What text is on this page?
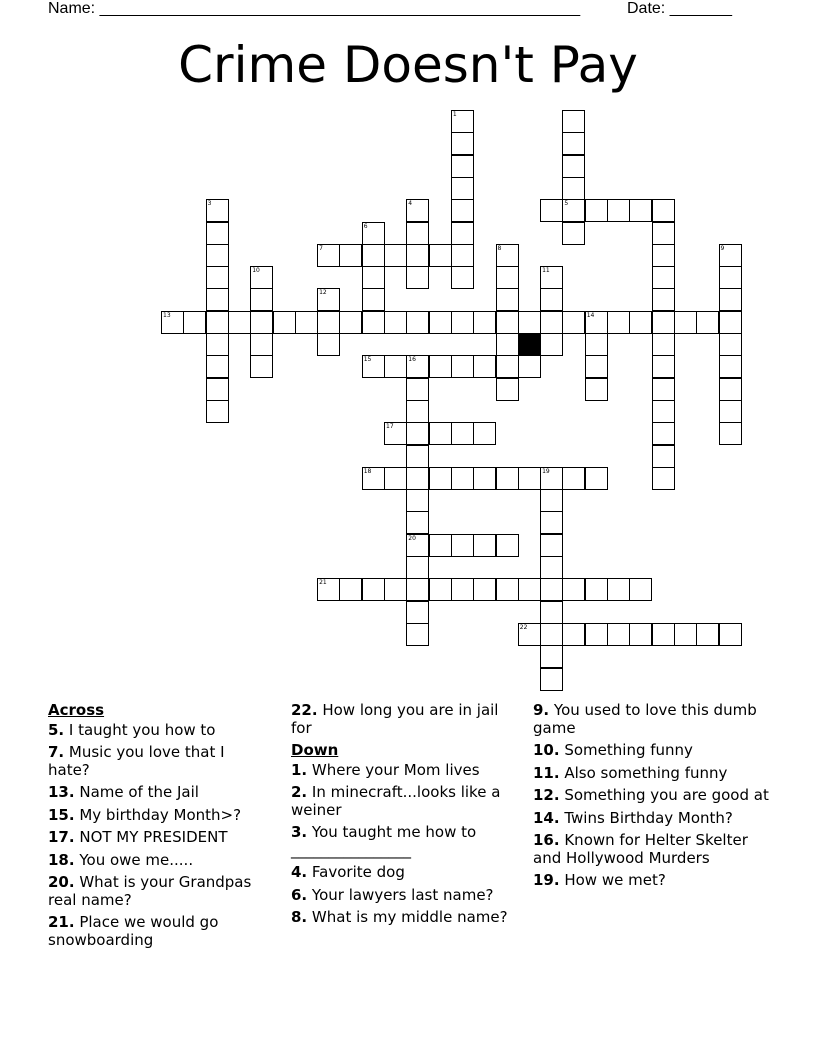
Name: ______________________________________________________	Date: _______
Crime Doesn't Pay
1
5
3	4
6
7	8	9
10	11
12
13	14
15	16
17
18	19
20
21
22
Across
5. I taught you how to
7. Music you love that I hate?
13. Name of the Jail
15. My birthday Month>?
17. NOT MY PRESIDENT
18. You owe me.....
20. What is your Grandpas real name?
21. Place we would go snowboarding
22. How long you are in jail for
Down
1. Where your Mom lives
2. In minecraft...looks like a weiner
3. You taught me how to ________________
4. Favorite dog
6. Your lawyers last name?
8. What is my middle name?
9. You used to love this dumb game
10. Something funny
11. Also something funny
12. Something you are good at
14. Twins Birthday Month?
16. Known for Helter Skelter and Hollywood Murders
19. How we met?
